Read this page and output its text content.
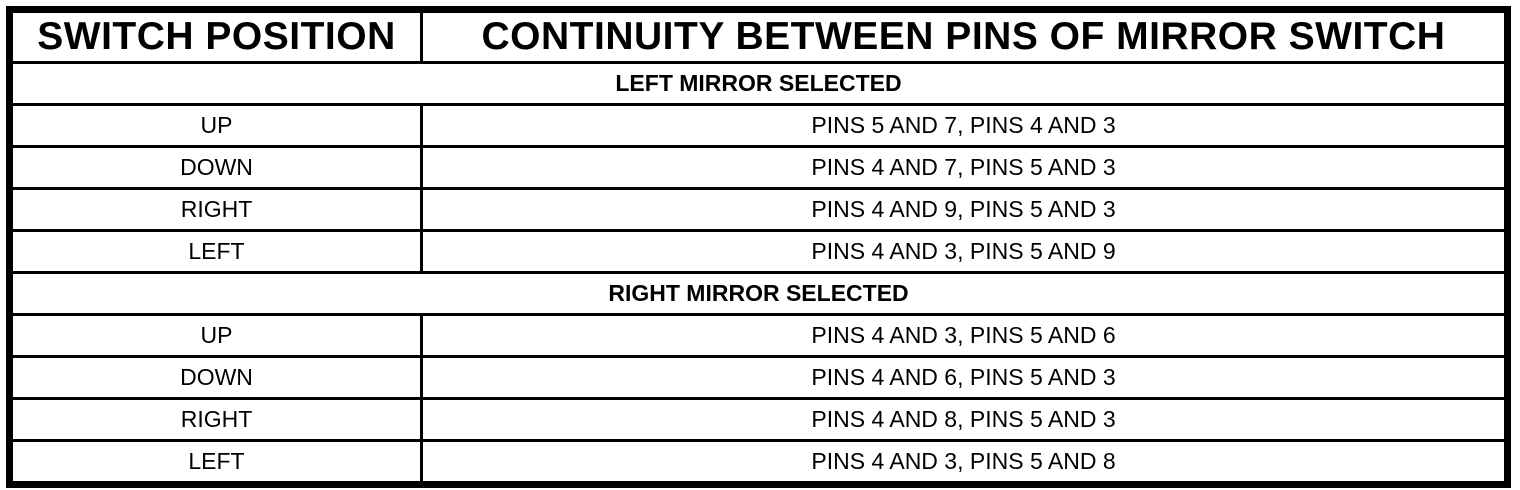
SWITCH POSITION	CONTINUITY BETWEEN PINS OF MIRROR SWITCH
LEFT MIRROR SELECTED	
UP	PINS 5 AND 7, PINS 4 AND 3
DOWN	PINS 4 AND 7, PINS 5 AND 3
RIGHT	PINS 4 AND 9, PINS 5 AND 3
LEFT	PINS 4 AND 3, PINS 5 AND 9
RIGHT MIRROR SELECTED	
UP	PINS 4 AND 3, PINS 5 AND 6
DOWN	PINS 4 AND 6, PINS 5 AND 3
RIGHT	PINS 4 AND 8, PINS 5 AND 3
LEFT	PINS 4 AND 3, PINS 5 AND 8
